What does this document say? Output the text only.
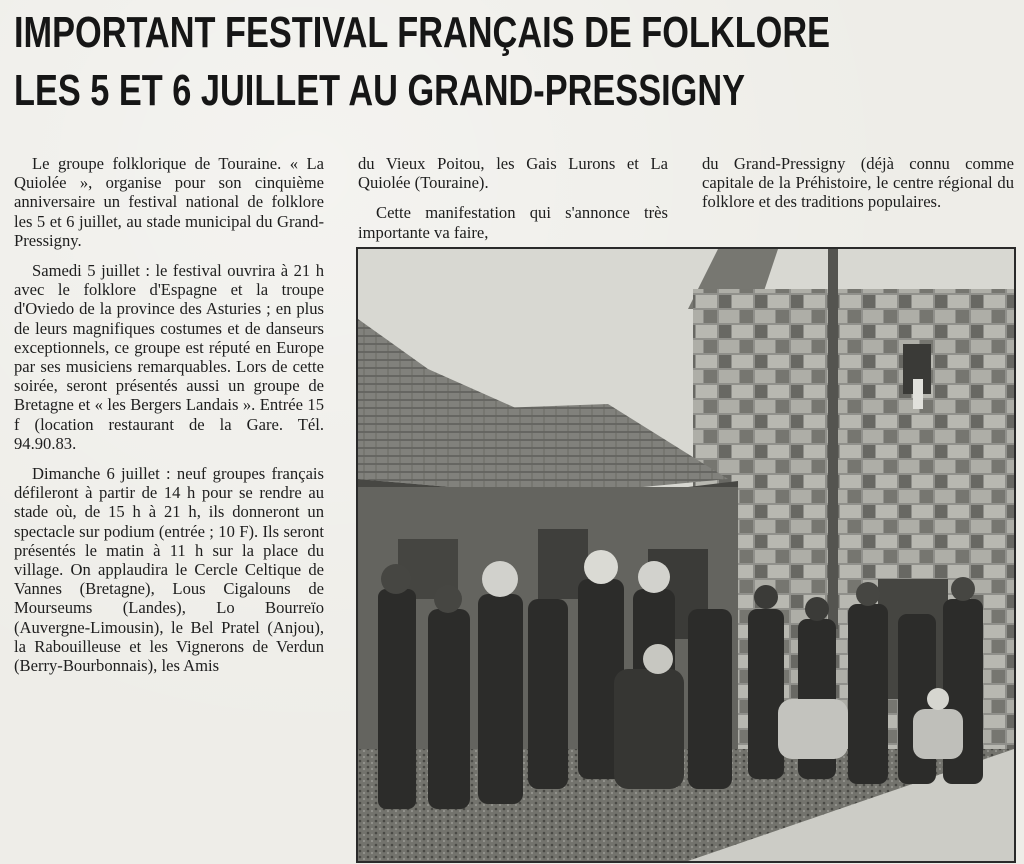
IMPORTANT FESTIVAL FRANÇAIS DE FOLKLORE
LES 5 ET 6 JUILLET AU GRAND-PRESSIGNY

Le groupe folklorique de Touraine. « La Quiolée », organise pour son cinquième anniversaire un festival national de folklore les 5 et 6 juillet, au stade municipal du Grand-Pressigny.

Samedi 5 juillet : le festival ouvrira à 21 h avec le folklore d'Espagne et la troupe d'Oviedo de la province des Asturies ; en plus de leurs magnifiques costumes et de danseurs exceptionnels, ce groupe est réputé en Europe par ses musiciens remarquables. Lors de cette soirée, seront présentés aussi un groupe de Bretagne et « les Bergers Landais ». Entrée 15 f (location restaurant de la Gare. Tél. 94.90.83.

Dimanche 6 juillet : neuf groupes français défileront à partir de 14 h pour se rendre au stade où, de 15 h à 21 h, ils donneront un spectacle sur podium (entrée ; 10 F). Ils seront présentés le matin à 11 h sur la place du village. On applaudira le Cercle Celtique de Vannes (Bretagne), Lous Cigalouns de Mourseums (Landes), Lo Bourreïo (Auvergne-Limousin), le Bel Pratel (Anjou), la Rabouilleuse et les Vignerons de Verdun (Berry-Bourbonnais), les Amis

du Vieux Poitou, les Gais Lurons et La Quiolée (Touraine).

Cette manifestation qui s'annonce très importante va faire,

du Grand-Pressigny (déjà connu comme capitale de la Préhistoire, le centre régional du folklore et des traditions populaires.
